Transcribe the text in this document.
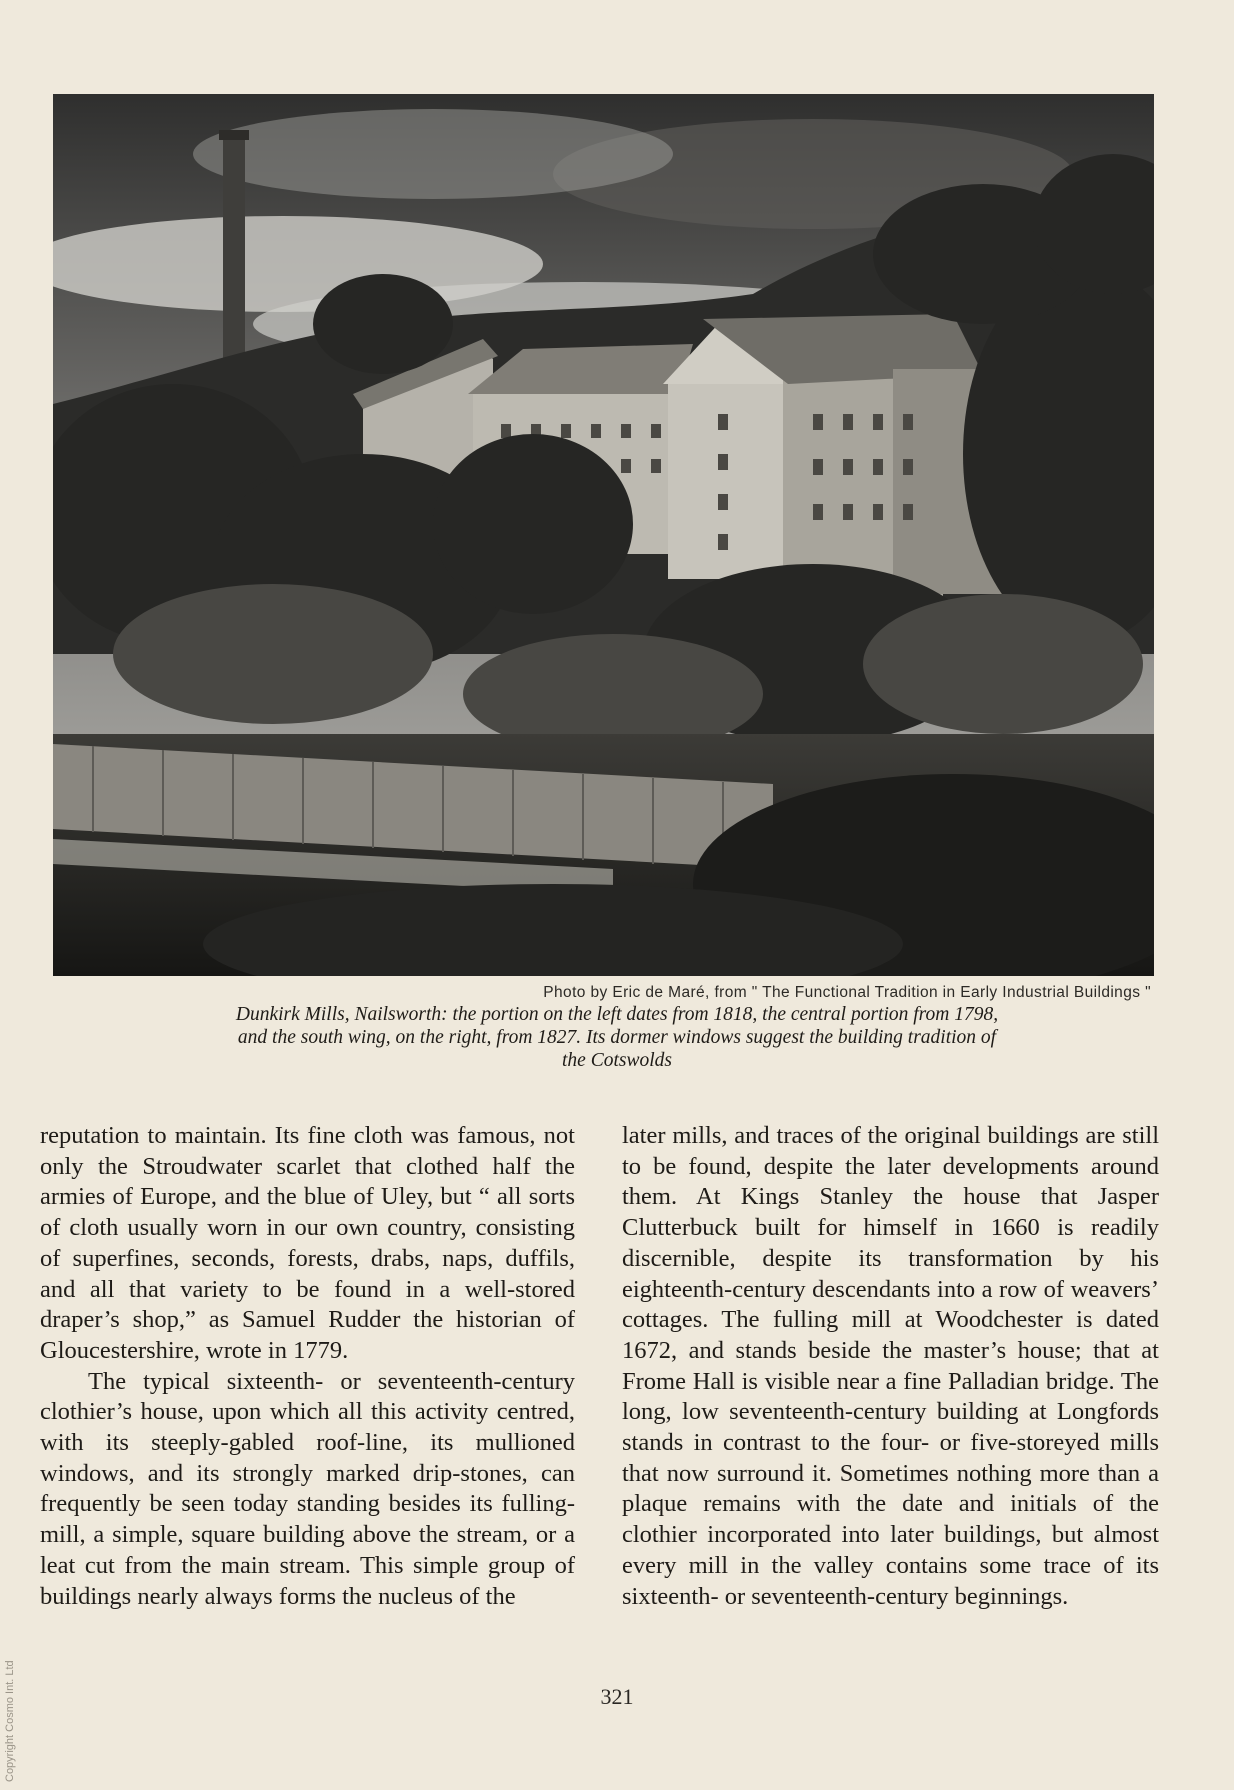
Photo by Eric de Maré, from " The Functional Tradition in Early Industrial Buildings "
Dunkirk Mills, Nailsworth: the portion on the left dates from 1818, the central portion from 1798,
and the south wing, on the right, from 1827. Its dormer windows suggest the building tradition of
the Cotswolds

reputation to maintain. Its fine cloth was famous, not only the Stroudwater scarlet that clothed half the armies of Europe, and the blue of Uley, but “ all sorts of cloth usually worn in our own country, consisting of superfines, seconds, forests, drabs, naps, duffils, and all that variety to be found in a well-stored draper’s shop,” as Samuel Rudder the historian of Gloucestershire, wrote in 1779.

The typical sixteenth- or seventeenth-century clothier’s house, upon which all this activity centred, with its steeply-gabled roof-line, its mullioned windows, and its strongly marked drip-stones, can frequently be seen today standing besides its fulling-mill, a simple, square building above the stream, or a leat cut from the main stream. This simple group of buildings nearly always forms the nucleus of the

later mills, and traces of the original buildings are still to be found, despite the later developments around them. At Kings Stanley the house that Jasper Clutterbuck built for himself in 1660 is readily discernible, despite its transformation by his eighteenth-century descendants into a row of weavers’ cottages. The fulling mill at Woodchester is dated 1672, and stands beside the master’s house; that at Frome Hall is visible near a fine Palladian bridge. The long, low seventeenth-century building at Longfords stands in contrast to the four- or five-storeyed mills that now surround it. Sometimes nothing more than a plaque remains with the date and initials of the clothier incorporated into later buildings, but almost every mill in the valley contains some trace of its sixteenth- or seventeenth-century beginnings.

321
Copyright Cosmo Int. Ltd
